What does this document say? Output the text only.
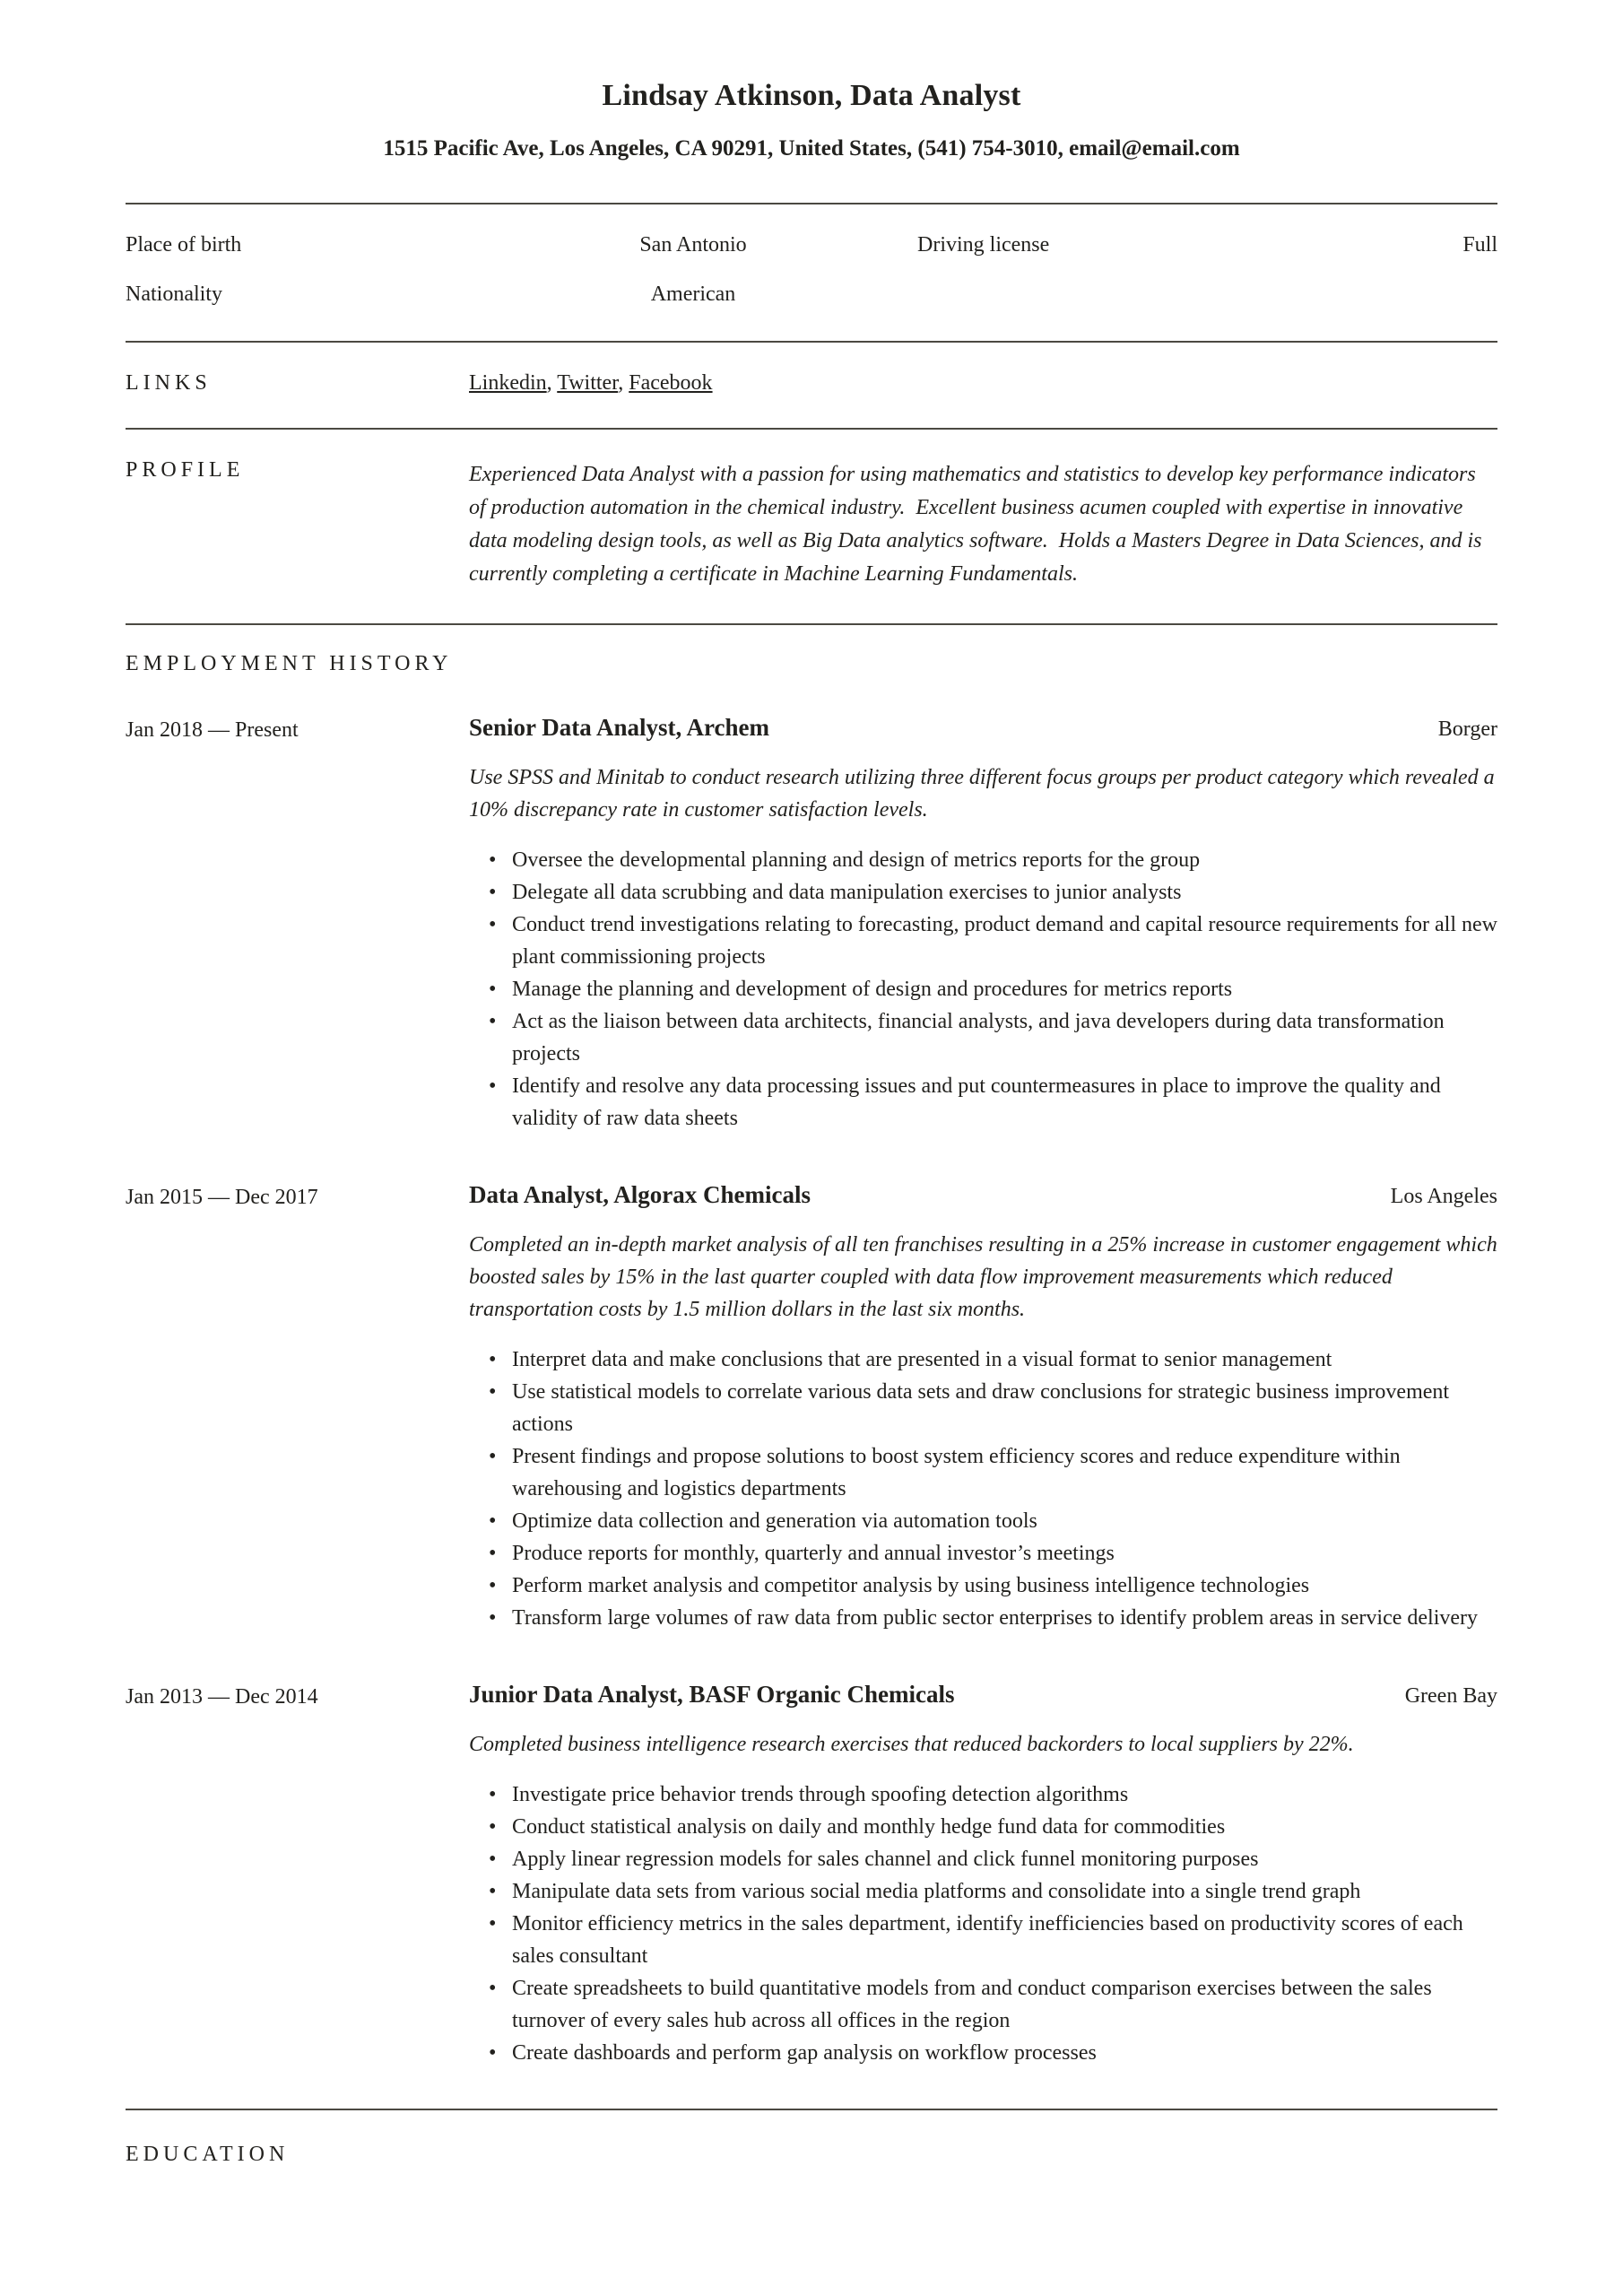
Lindsay Atkinson, Data Analyst
1515 Pacific Ave, Los Angeles, CA 90291, United States, (541) 754-3010, email@email.com
Place of birth	San Antonio	Driving license	Full
Nationality	American
LINKS	Linkedin, Twitter, Facebook
PROFILE	Experienced Data Analyst with a passion for using mathematics and statistics to develop key performance indicators of production automation in the chemical industry.  Excellent business acumen coupled with expertise in innovative data modeling design tools, as well as Big Data analytics software.  Holds a Masters Degree in Data Sciences, and is currently completing a certificate in Machine Learning Fundamentals.
EMPLOYMENT HISTORY
Jan 2018 — Present	Senior Data Analyst, Archem	Borger

Use SPSS and Minitab to conduct research utilizing three different focus groups per product category which revealed a 10% discrepancy rate in customer satisfaction levels.

• Oversee the developmental planning and design of metrics reports for the group
• Delegate all data scrubbing and data manipulation exercises to junior analysts
• Conduct trend investigations relating to forecasting, product demand and capital resource requirements for all new plant commissioning projects
• Manage the planning and development of design and procedures for metrics reports
• Act as the liaison between data architects, financial analysts, and java developers during data transformation projects
• Identify and resolve any data processing issues and put countermeasures in place to improve the quality and validity of raw data sheets
Jan 2015 — Dec 2017	Data Analyst, Algorax Chemicals	Los Angeles

Completed an in-depth market analysis of all ten franchises resulting in a 25% increase in customer engagement which boosted sales by 15% in the last quarter coupled with data flow improvement measurements which reduced transportation costs by 1.5 million dollars in the last six months.

• Interpret data and make conclusions that are presented in a visual format to senior management
• Use statistical models to correlate various data sets and draw conclusions for strategic business improvement actions
• Present findings and propose solutions to boost system efficiency scores and reduce expenditure within warehousing and logistics departments
• Optimize data collection and generation via automation tools
• Produce reports for monthly, quarterly and annual investor’s meetings
• Perform market analysis and competitor analysis by using business intelligence technologies
• Transform large volumes of raw data from public sector enterprises to identify problem areas in service delivery
Jan 2013 — Dec 2014	Junior Data Analyst, BASF Organic Chemicals	Green Bay

Completed business intelligence research exercises that reduced backorders to local suppliers by 22%.

• Investigate price behavior trends through spoofing detection algorithms
• Conduct statistical analysis on daily and monthly hedge fund data for commodities
• Apply linear regression models for sales channel and click funnel monitoring purposes
• Manipulate data sets from various social media platforms and consolidate into a single trend graph
• Monitor efficiency metrics in the sales department, identify inefficiencies based on productivity scores of each sales consultant
• Create spreadsheets to build quantitative models from and conduct comparison exercises between the sales turnover of every sales hub across all offices in the region
• Create dashboards and perform gap analysis on workflow processes
EDUCATION
